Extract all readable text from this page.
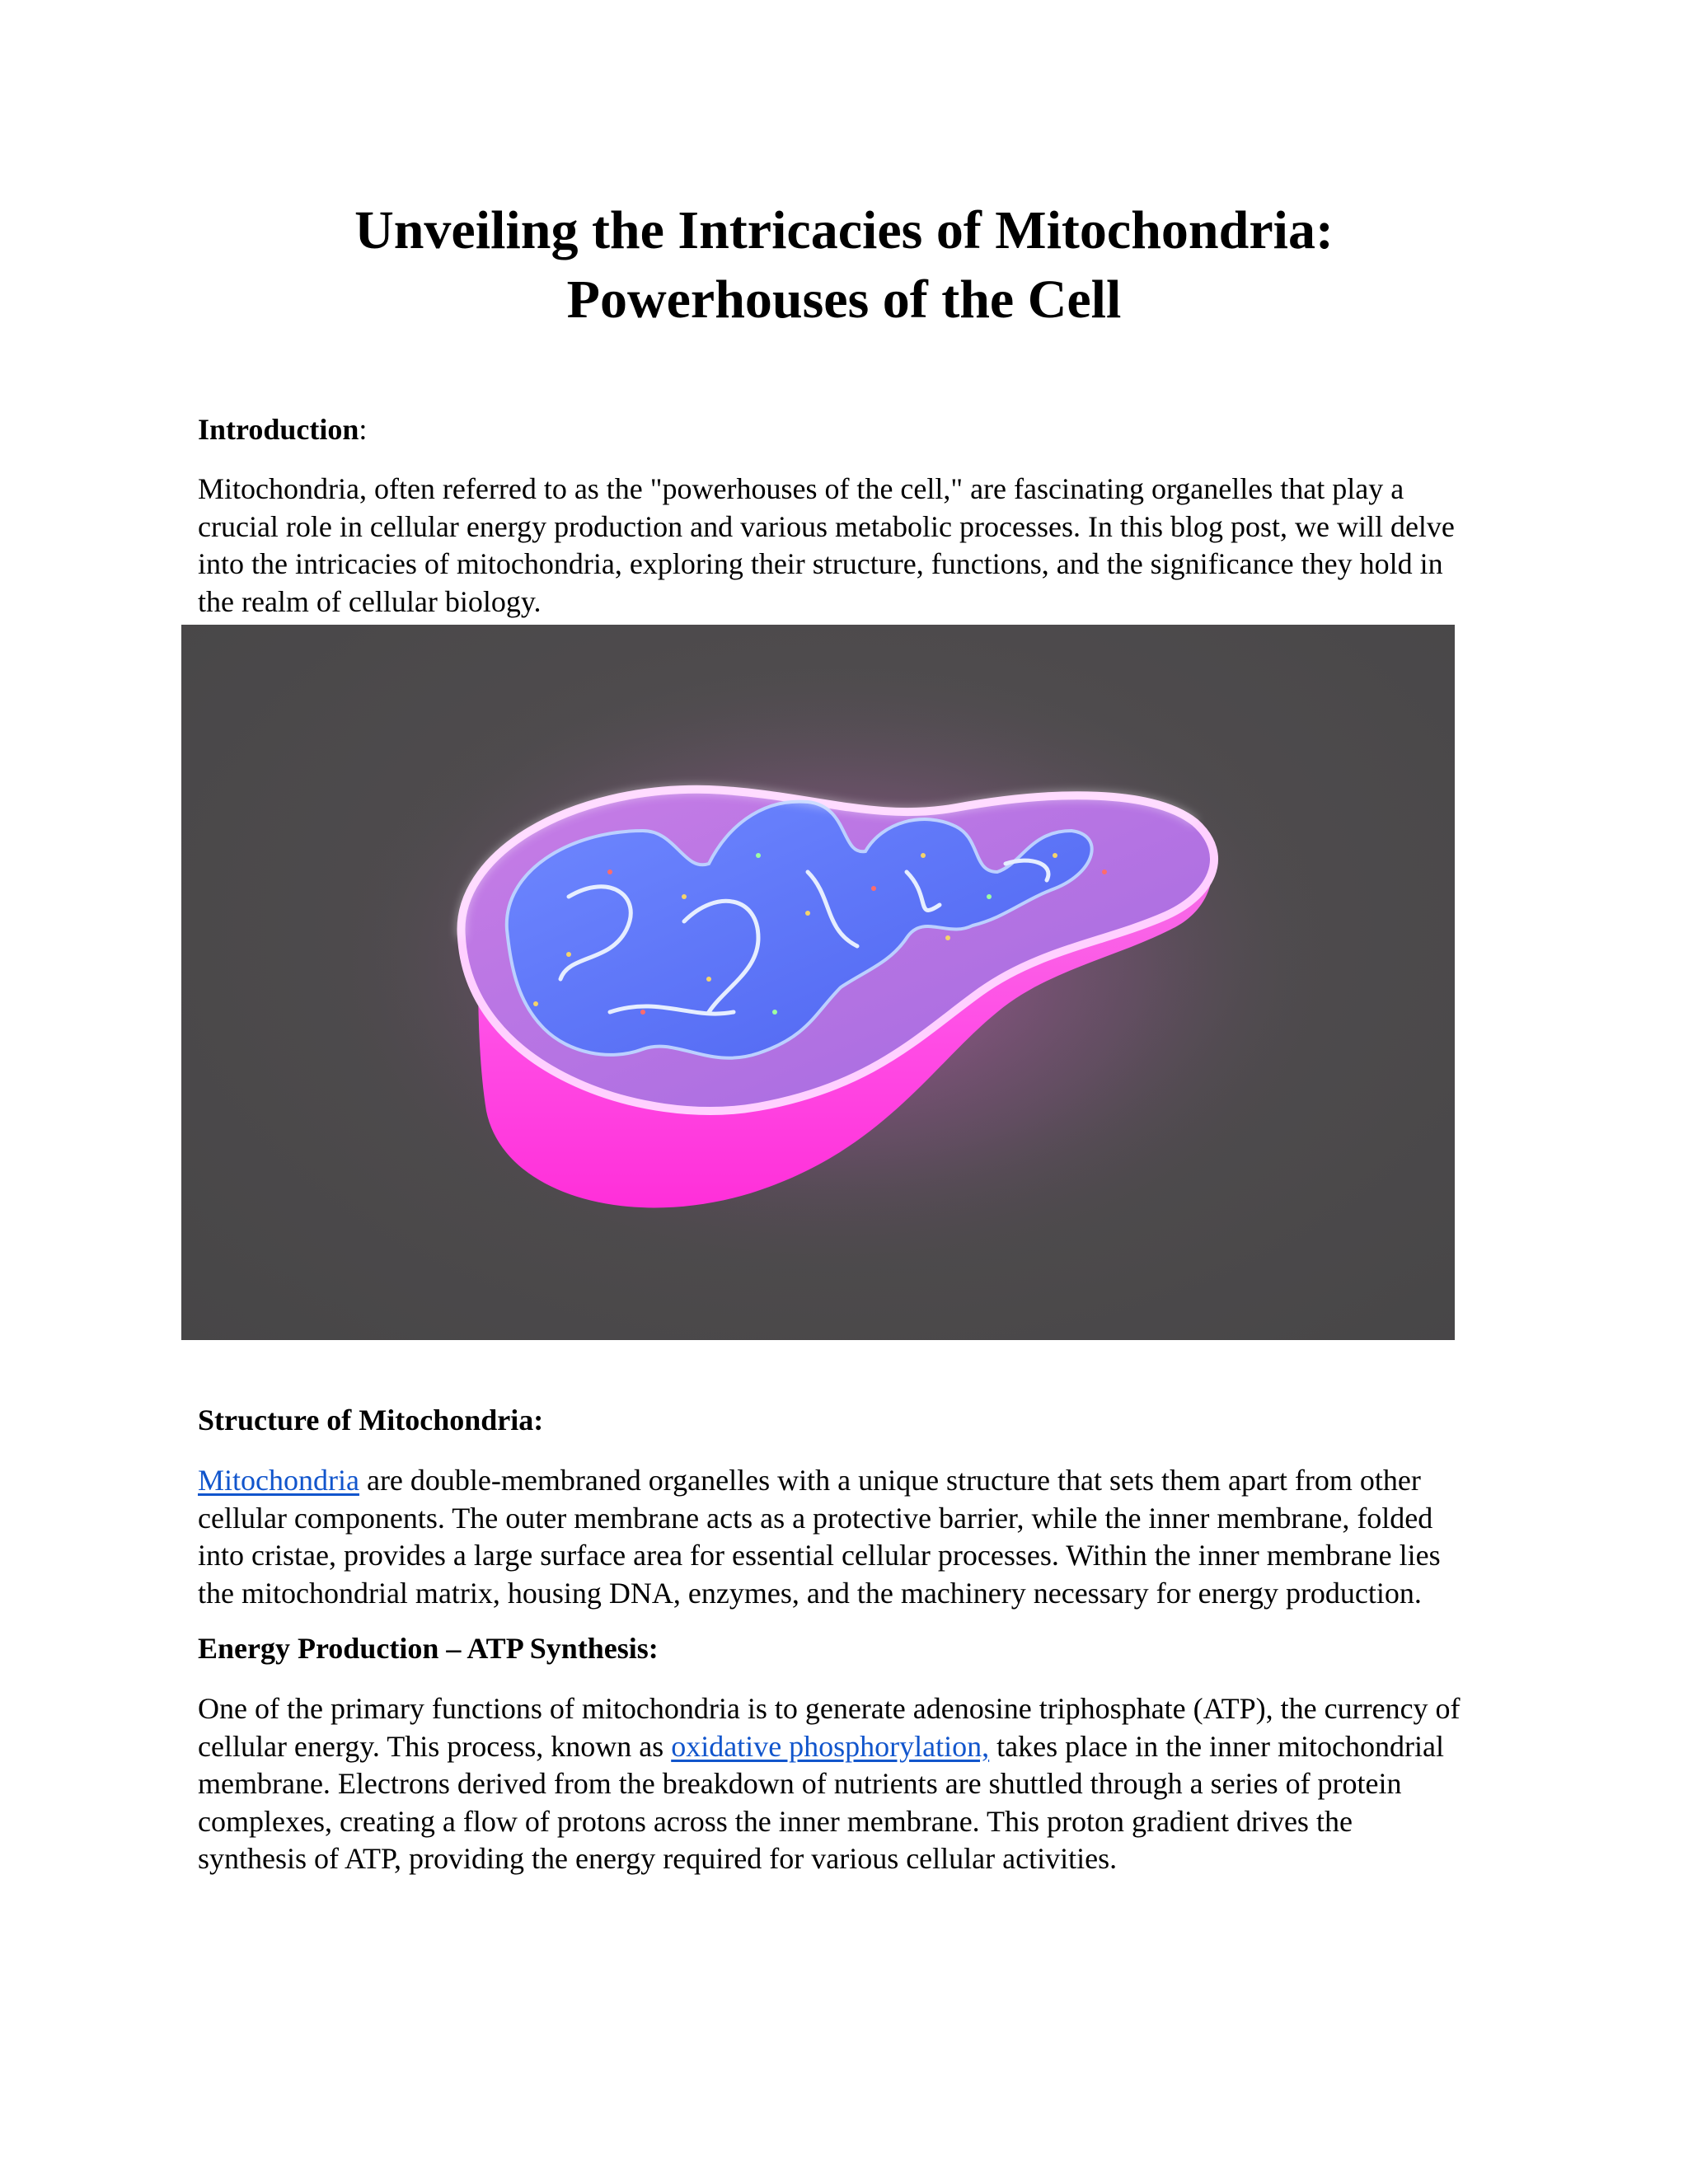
Unveiling the Intricacies of Mitochondria:
Powerhouses of the Cell
Introduction:

Mitochondria, often referred to as the "powerhouses of the cell," are fascinating organelles that play a
crucial role in cellular energy production and various metabolic processes. In this blog post, we will delve
into the intricacies of mitochondria, exploring their structure, functions, and the significance they hold in
the realm of cellular biology.

Structure of Mitochondria:

Mitochondria are double-membraned organelles with a unique structure that sets them apart from other
cellular components. The outer membrane acts as a protective barrier, while the inner membrane, folded
into cristae, provides a large surface area for essential cellular processes. Within the inner membrane lies
the mitochondrial matrix, housing DNA, enzymes, and the machinery necessary for energy production.

Energy Production – ATP Synthesis:

One of the primary functions of mitochondria is to generate adenosine triphosphate (ATP), the currency of
cellular energy. This process, known as oxidative phosphorylation, takes place in the inner mitochondrial
membrane. Electrons derived from the breakdown of nutrients are shuttled through a series of protein
complexes, creating a flow of protons across the inner membrane. This proton gradient drives the
synthesis of ATP, providing the energy required for various cellular activities.
